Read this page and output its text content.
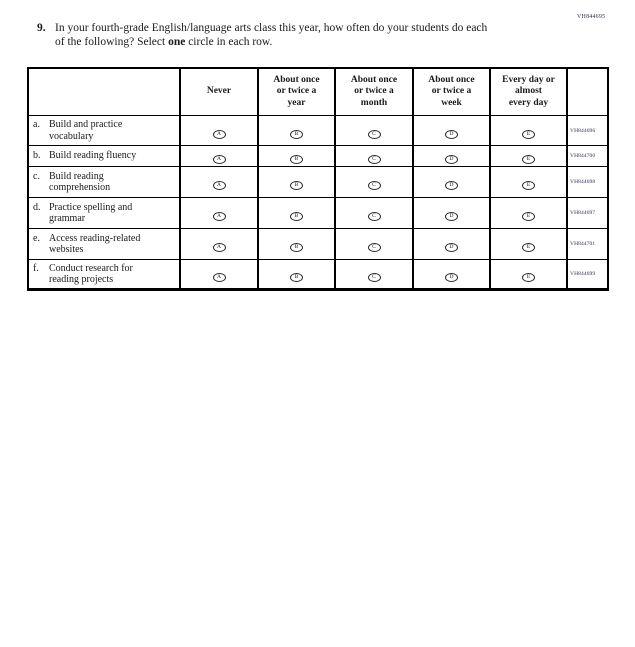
VH844695
9. In your fourth-grade English/language arts class this year, how often do your students do each of the following? Select one circle in each row.
	Never	About once
or twice a
year	About once
or twice a
month	About once
or twice a
week	Every day or
almost
every day	
a. Build and practice
vocabulary	A	B	C	D	E	VH844696
b. Build reading fluency	A	B	C	D	E	VH844700
c. Build reading
comprehension	A	B	C	D	E	VH844698
d. Practice spelling and
grammar	A	B	C	D	E	VH844697
e. Access reading-related
websites	A	B	C	D	E	VH844701
f. Conduct research for
reading projects	A	B	C	D	E	VH844699
